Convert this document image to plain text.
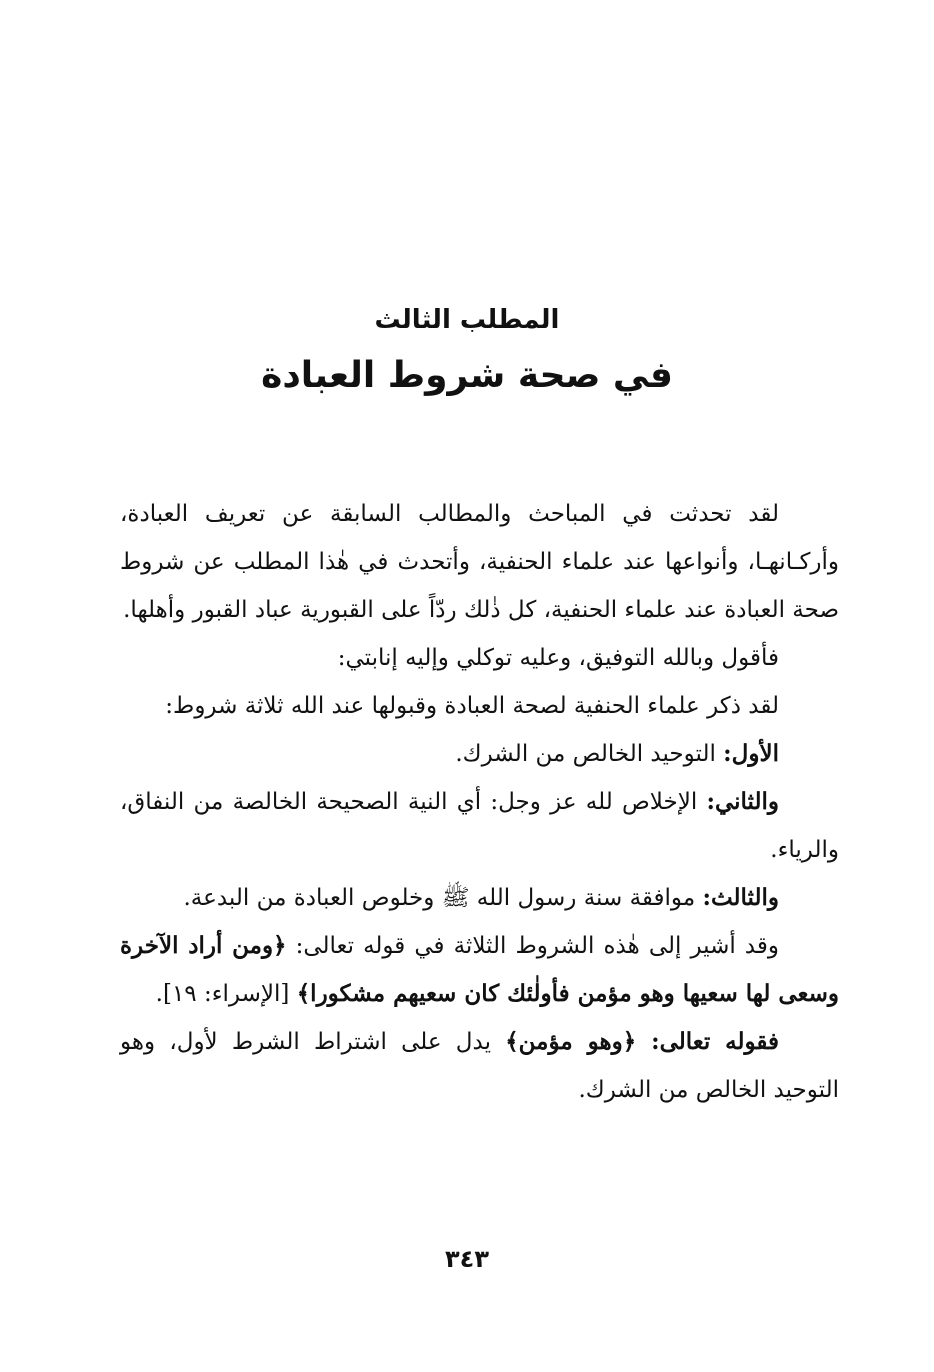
المطلب الثالث
في صحة شروط العبادة

لقد تحدثت في المباحث والمطالب السابقة عن تعريف العبادة، وأركـانهـا، وأنواعها عند علماء الحنفية، وأتحدث في هٰذا المطلب عن شروط صحة العبادة عند علماء الحنفية، كل ذٰلك ردّاً على القبورية عباد القبور وأهلها.

فأقول وبالله التوفيق، وعليه توكلي وإليه إنابتي:

لقد ذكر علماء الحنفية لصحة العبادة وقبولها عند الله ثلاثة شروط:

الأول: التوحيد الخالص من الشرك.

والثاني: الإخلاص لله عز وجل: أي النية الصحيحة الخالصة من النفاق، والرياء.

والثالث: موافقة سنة رسول الله ﷺ وخلوص العبادة من البدعة.

وقد أشير إلى هٰذه الشروط الثلاثة في قوله تعالى: ﴿ومن أراد الآخرة وسعى لها سعيها وهو مؤمن فأولٰئك كان سعيهم مشكورا﴾ [الإسراء: ١٩].

فقوله تعالى: ﴿وهو مؤمن﴾ يدل على اشتراط الشرط لأول، وهو التوحيد الخالص من الشرك.

٣٤٣
